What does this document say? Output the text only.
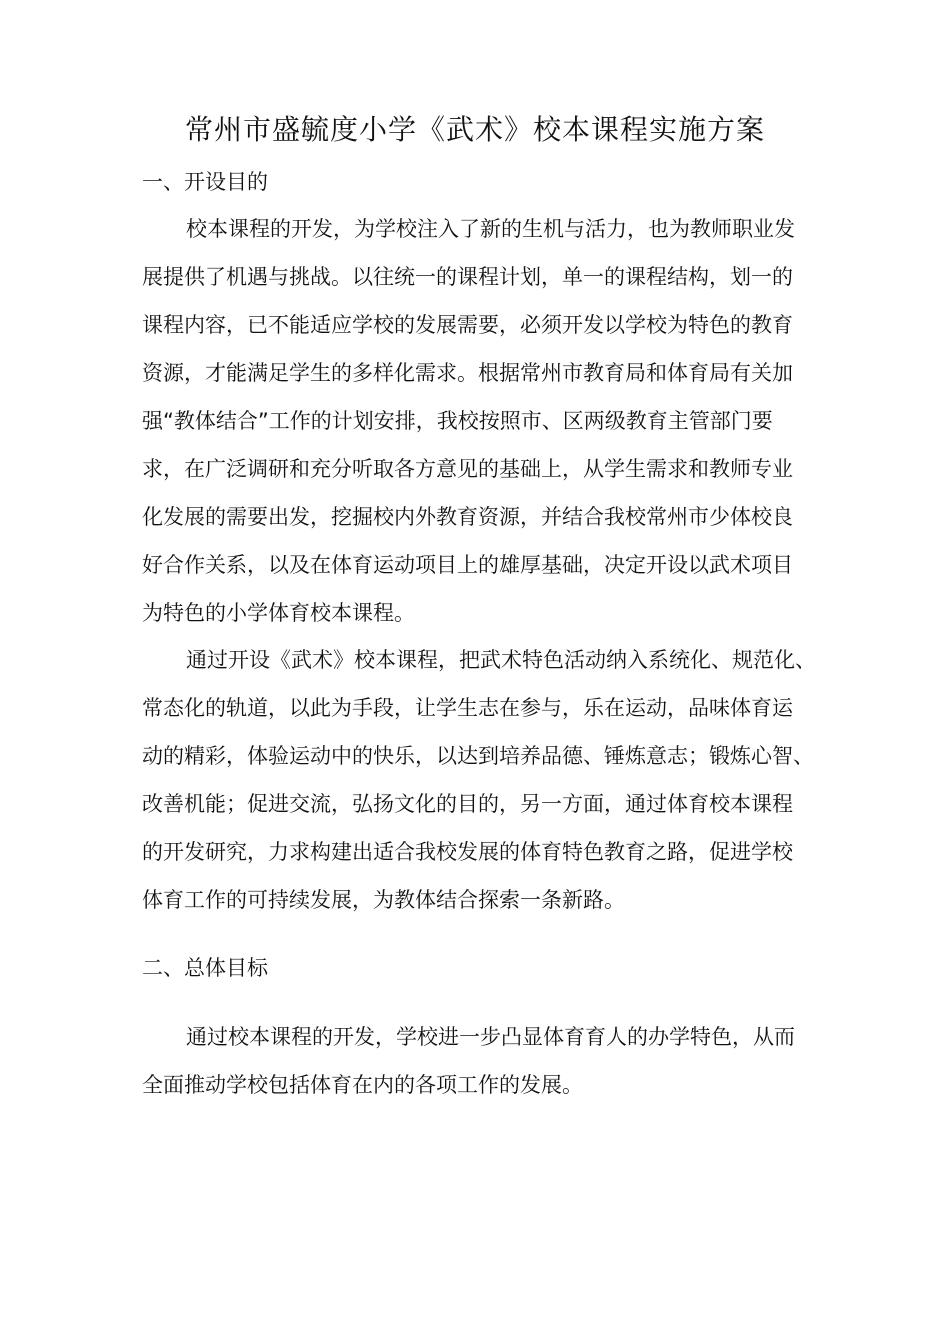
常州市盛毓度小学《武术》校本课程实施方案
一、开设目的
校本课程的开发，为学校注入了新的生机与活力，也为教师职业发
展提供了机遇与挑战。以往统一的课程计划，单一的课程结构，划一的
课程内容，已不能适应学校的发展需要，必须开发以学校为特色的教育
资源，才能满足学生的多样化需求。根据常州市教育局和体育局有关加
强“教体结合”工作的计划安排，我校按照市、区两级教育主管部门要
求，在广泛调研和充分听取各方意见的基础上，从学生需求和教师专业
化发展的需要出发，挖掘校内外教育资源，并结合我校常州市少体校良
好合作关系，以及在体育运动项目上的雄厚基础，决定开设以武术项目
为特色的小学体育校本课程。
通过开设《武术》校本课程，把武术特色活动纳入系统化、规范化、
常态化的轨道，以此为手段，让学生志在参与，乐在运动，品味体育运
动的精彩，体验运动中的快乐，以达到培养品德、锤炼意志；锻炼心智、
改善机能；促进交流，弘扬文化的目的，另一方面，通过体育校本课程
的开发研究，力求构建出适合我校发展的体育特色教育之路，促进学校
体育工作的可持续发展，为教体结合探索一条新路。
二、总体目标
通过校本课程的开发，学校进一步凸显体育育人的办学特色，从而
全面推动学校包括体育在内的各项工作的发展。
